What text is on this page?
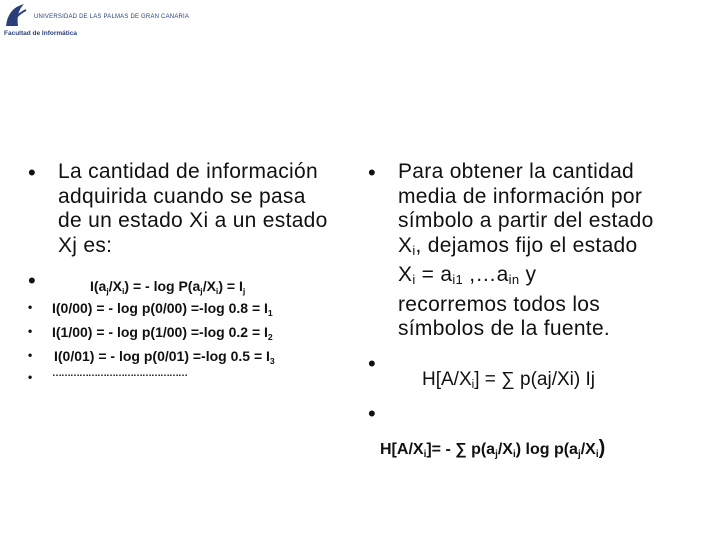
UNIVERSIDAD DE LAS PALMAS DE GRAN CANARIA
Facultad de Informática
• La cantidad de información
adquirida cuando se pasa
de un estado Xi a un estado
Xj es:
•	$I(a_j/X_i)$ = - $\log P(a_j/X_i) = I_j$
• I(0/00) = - log p(0/00) =-log $0.8 = I_1$
• I(1/00) = - log p(1/00) =-log $0.2 = I_2$
• I(0/01) = - log p(0/01) =-log $0.5 = I_3$
• ………………………………………
• Para obtener la cantidad
media de información por
símbolo a partir del estado
$X_i$, dejamos fijo el estado
$X_i = a_{i1}$ $,\dots a_{in}$ y
recorremos todos los
símbolos de la fuente.
•
$H[A/X_i]$ = ∑ p(aj/Xi) Ij
•
$H[A/X_i]=$ - ∑ $p(a_j/X_i)$ $\log p(a_j/X_i)$
